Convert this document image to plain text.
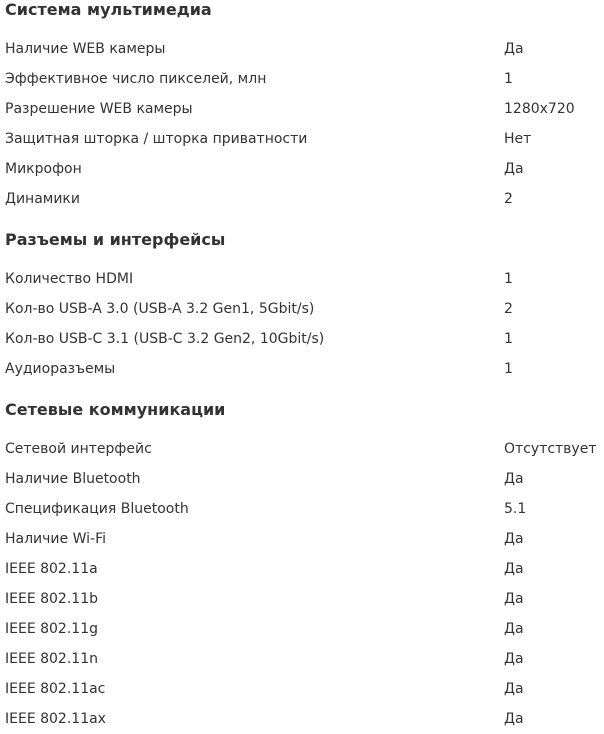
Система мультимедиа
Наличие WEB камеры	Да
Эффективное число пикселей, млн	1
Разрешение WEB камеры	1280x720
Защитная шторка / шторка приватности	Нет
Микрофон	Да
Динамики	2
Разъемы и интерфейсы
Количество HDMI	1
Кол-во USB-A 3.0 (USB-A 3.2 Gen1, 5Gbit/s)	2
Кол-во USB-C 3.1 (USB-C 3.2 Gen2, 10Gbit/s)	1
Аудиоразъемы	1
Сетевые коммуникации
Сетевой интерфейс	Отсутствует
Наличие Bluetooth	Да
Спецификация Bluetooth	5.1
Наличие Wi-Fi	Да
IEEE 802.11a	Да
IEEE 802.11b	Да
IEEE 802.11g	Да
IEEE 802.11n	Да
IEEE 802.11ac	Да
IEEE 802.11ax	Да
